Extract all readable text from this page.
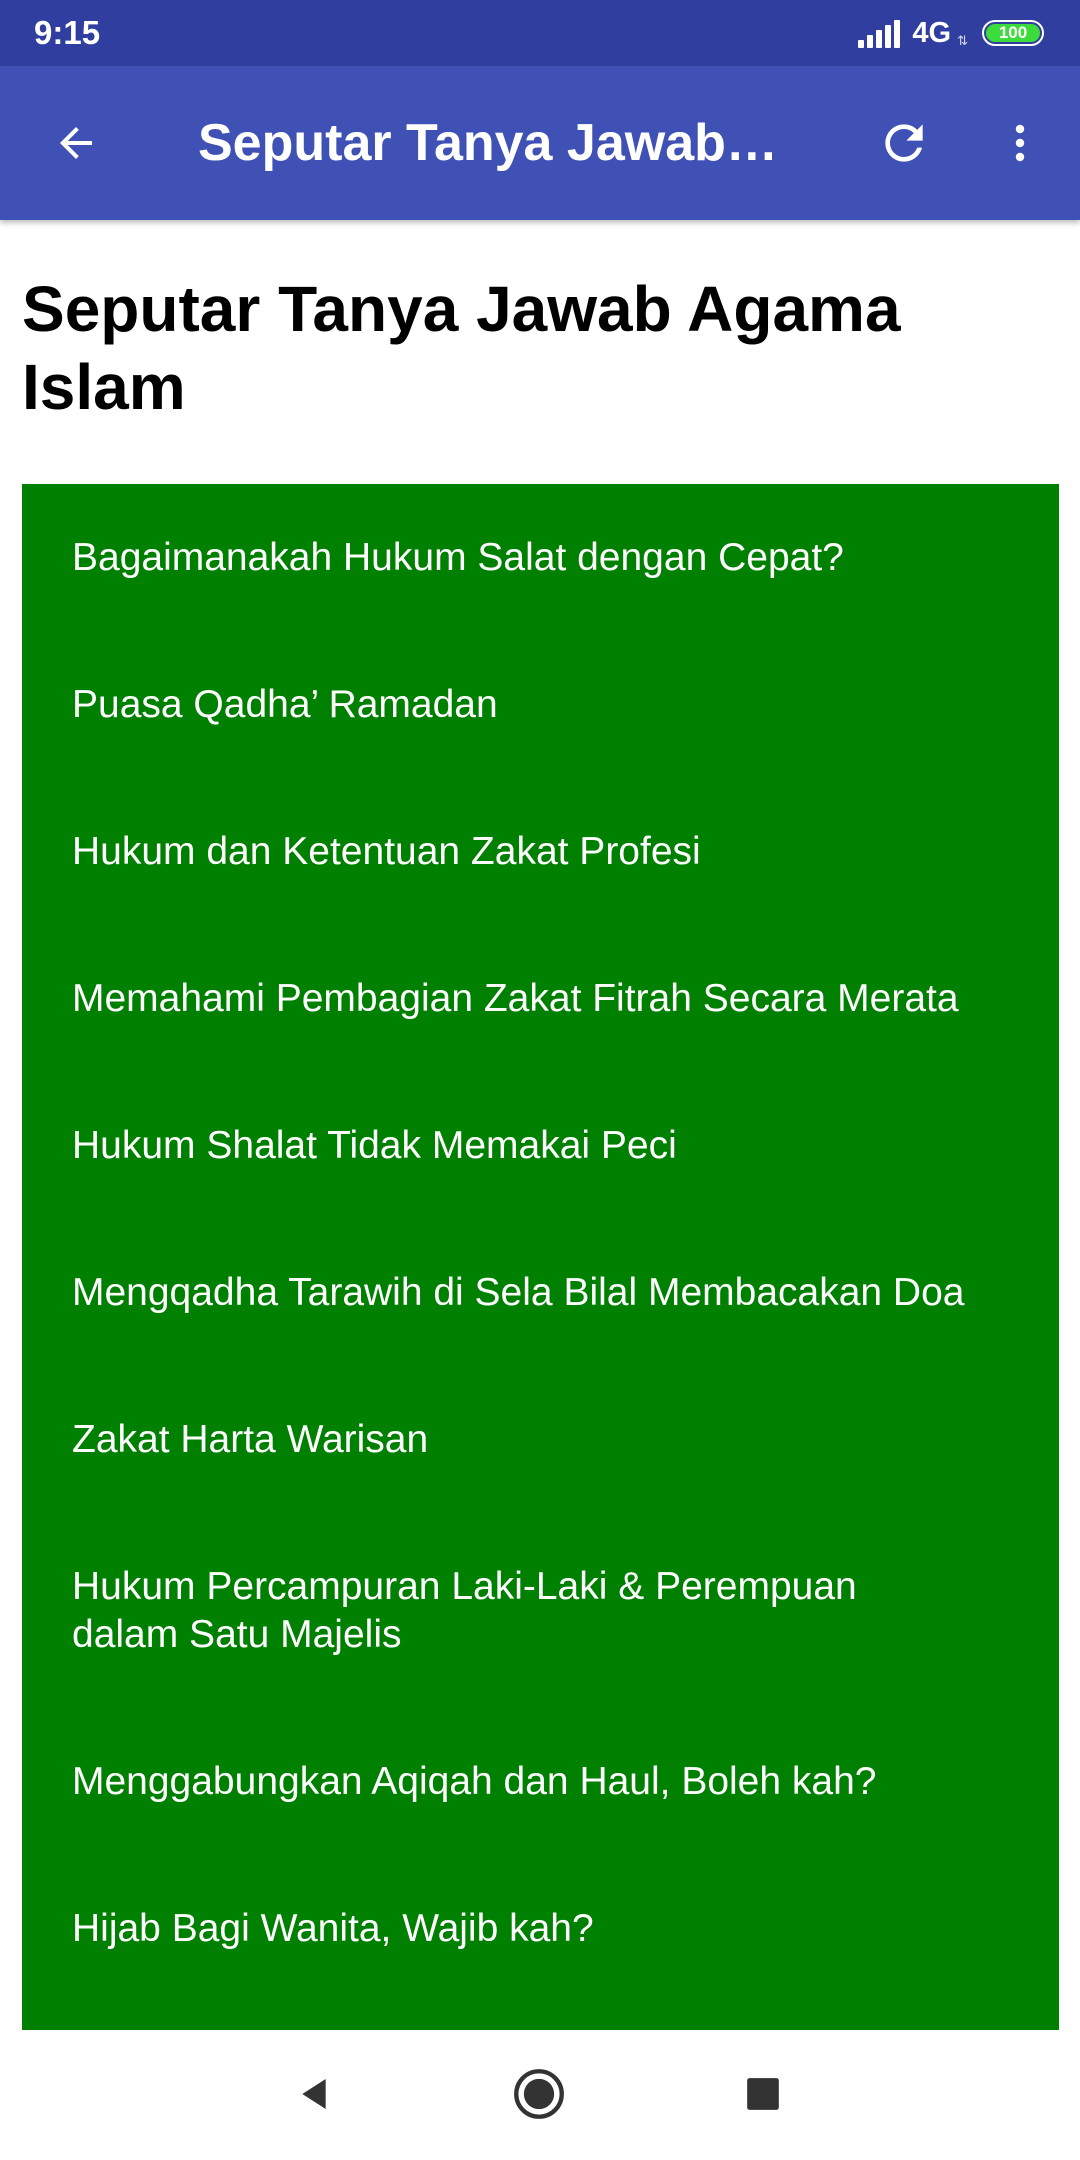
9:15	4G ⇅	100
Seputar Tanya Jawab…
Seputar Tanya Jawab Agama Islam
Bagaimanakah Hukum Salat dengan Cepat?
Puasa Qadha’ Ramadan
Hukum dan Ketentuan Zakat Profesi
Memahami Pembagian Zakat Fitrah Secara Merata
Hukum Shalat Tidak Memakai Peci
Mengqadha Tarawih di Sela Bilal Membacakan Doa
Zakat Harta Warisan
Hukum Percampuran Laki-Laki & Perempuan dalam Satu Majelis
Menggabungkan Aqiqah dan Haul, Boleh kah?
Hijab Bagi Wanita, Wajib kah?
